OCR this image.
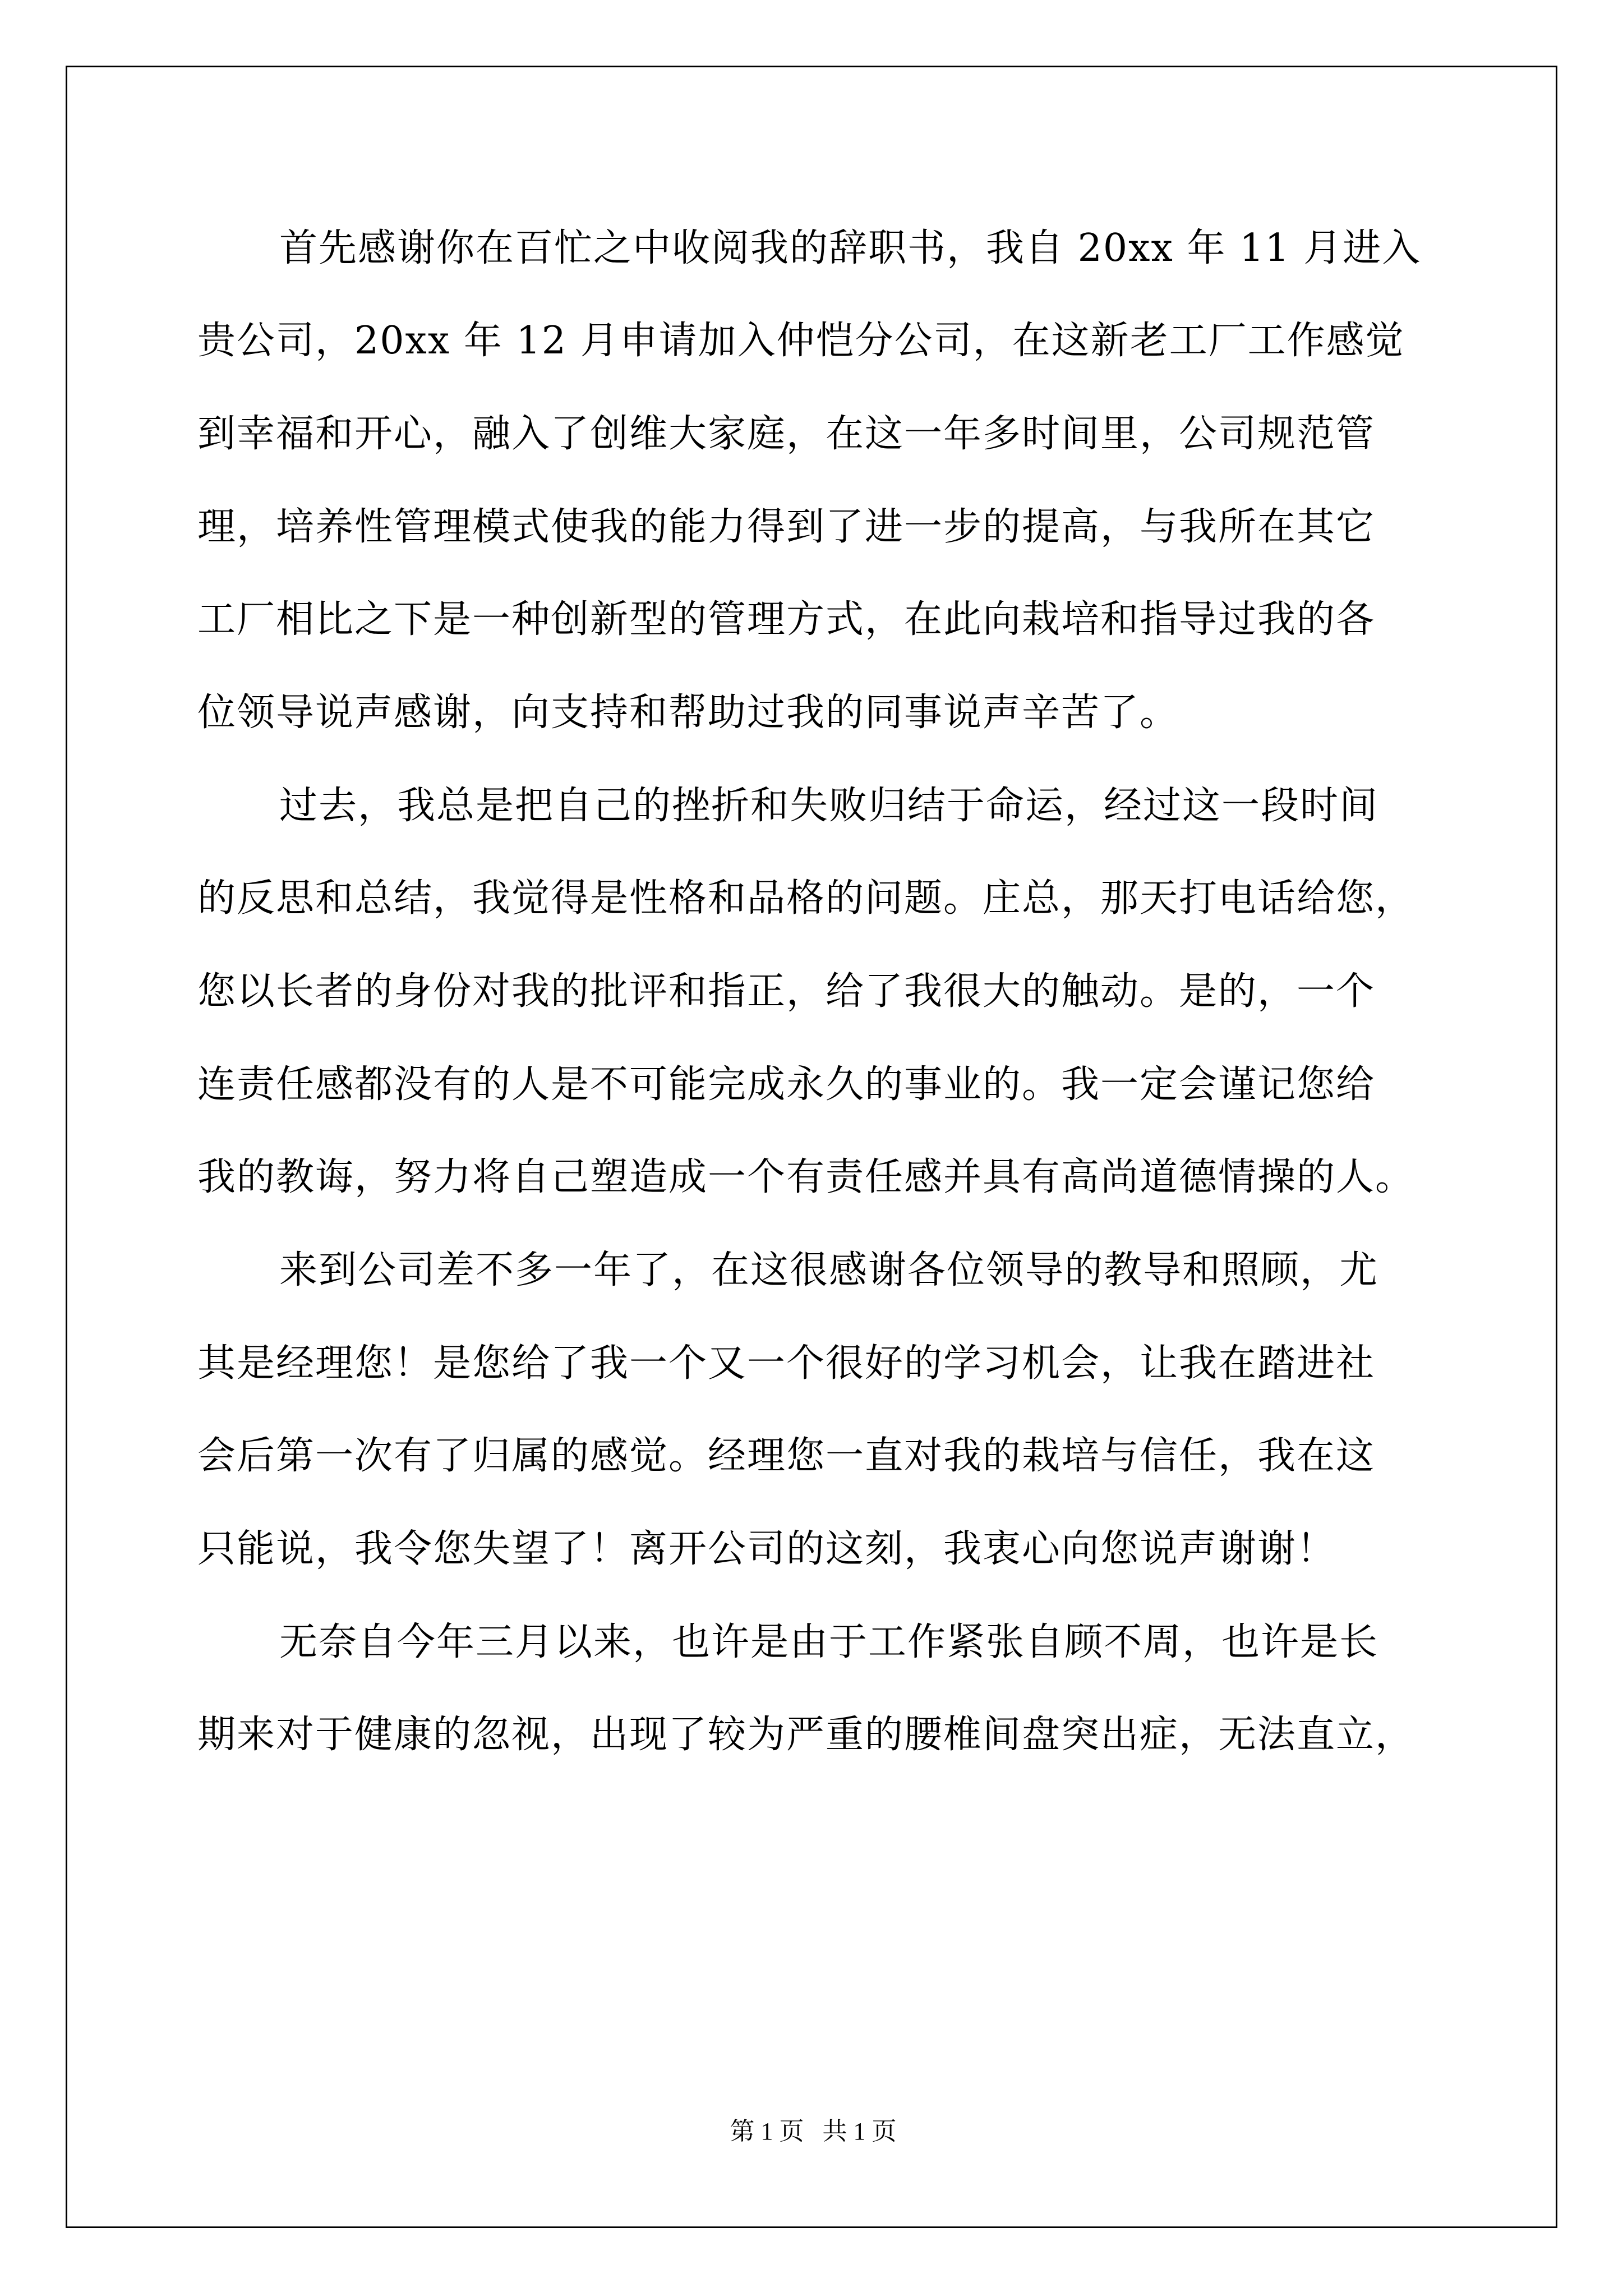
首先感谢你在百忙之中收阅我的辞职书，我自 20xx 年 11 月进入
贵公司，20xx 年 12 月申请加入仲恺分公司，在这新老工厂工作感觉
到幸福和开心，融入了创维大家庭，在这一年多时间里，公司规范管
理，培养性管理模式使我的能力得到了进一步的提高，与我所在其它
工厂相比之下是一种创新型的管理方式，在此向栽培和指导过我的各
位领导说声感谢，向支持和帮助过我的同事说声辛苦了。
过去，我总是把自己的挫折和失败归结于命运，经过这一段时间
的反思和总结，我觉得是性格和品格的问题。庄总，那天打电话给您，
您以长者的身份对我的批评和指正，给了我很大的触动。是的，一个
连责任感都没有的人是不可能完成永久的事业的。我一定会谨记您给
我的教诲，努力将自己塑造成一个有责任感并具有高尚道德情操的人。
来到公司差不多一年了，在这很感谢各位领导的教导和照顾，尤
其是经理您！是您给了我一个又一个很好的学习机会，让我在踏进社
会后第一次有了归属的感觉。经理您一直对我的栽培与信任，我在这
只能说，我令您失望了！离开公司的这刻，我衷心向您说声谢谢！
无奈自今年三月以来，也许是由于工作紧张自顾不周，也许是长
期来对于健康的忽视，出现了较为严重的腰椎间盘突出症，无法直立，
第 1 页   共 1 页
